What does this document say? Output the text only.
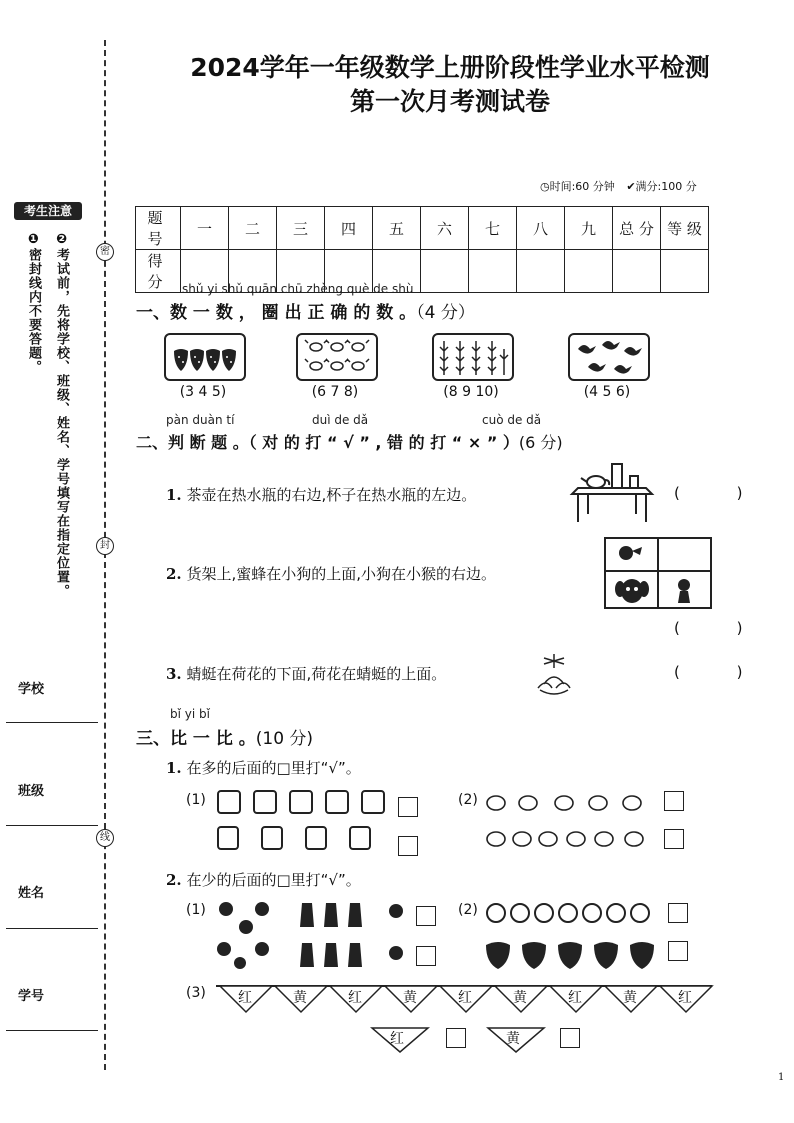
密
封
线
考生注意
❶密封线内不要答题。
❷考试前，先将学校、班级、姓名、学号填写在指定位置。
学校
班级
姓名
学号
2024学年一年级数学上册阶段性学业水平检测
第一次月考测试卷
◷时间:60 分钟 ✔满分:100 分
题 号	一	二	三	四	五	六	七	八	九	总 分	等 级
得 分											shǔ yi shǔ quān chū zhèng què de shù
一、数 一 数 ， 圈 出 正 确 的 数 。（4 分）
(3 4 5)	(6 7 8)	(8 9 10)	(4 5 6)
pàn duàn tí	duì de dǎ	cuò de dǎ
二、判 断 题 。（ 对 的 打 “ √ ” , 错 的 打 “ × ” ）(6 分)
1. 茶壶在热水瓶的右边,杯子在热水瓶的左边。	( )
2. 货架上,蜜蜂在小狗的上面,小狗在小猴的右边。
( )
3. 蜻蜓在荷花的下面,荷花在蜻蜓的上面。	( )
bǐ yi bǐ
三、比 一 比 。(10 分)
1. 在多的后面的□里打“√”。
(1)	(2)
2. 在少的后面的□里打“√”。
(1)	(2)
(3) 红	黄	红	黄	红	黄	红	黄	红
红	黄
1
